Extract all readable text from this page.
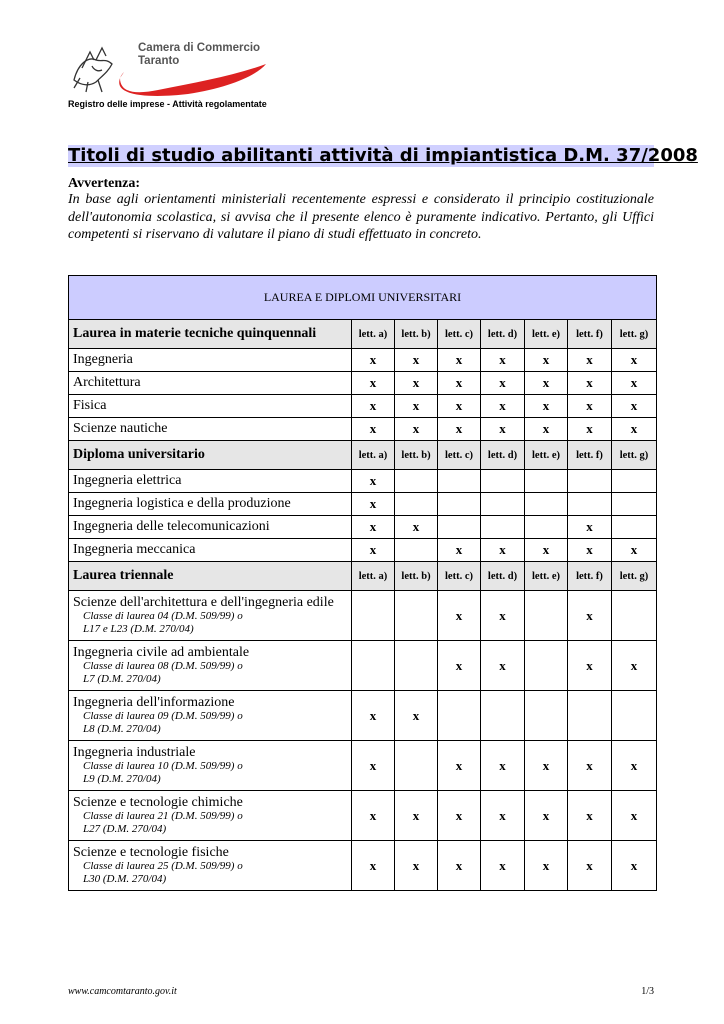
Camera di Commercio
Taranto
Registro delle imprese - Attività regolamentate
Titoli di studio abilitanti attività di impiantistica D.M. 37/2008
Avvertenza:
In base agli orientamenti ministeriali recentemente espressi e considerato il principio costituzionale dell'autonomia scolastica, si avvisa che il presente elenco è puramente indicativo. Pertanto, gli Uffici competenti si riservano di valutare il piano di studi effettuato in concreto.
LAUREA E DIPLOMI UNIVERSITARI							
Laurea in materie tecniche quinquennali	lett. a)	lett. b)	lett. c)	lett. d)	lett. e)	lett. f)	lett. g)
Ingegneria	x	x	x	x	x	x	x
Architettura	x	x	x	x	x	x	x
Fisica	x	x	x	x	x	x	x
Scienze nautiche	x	x	x	x	x	x	x
Diploma universitario	lett. a)	lett. b)	lett. c)	lett. d)	lett. e)	lett. f)	lett. g)
Ingegneria elettrica	x						
Ingegneria logistica e della produzione	x						
Ingegneria delle telecomunicazioni	x	x				x	
Ingegneria meccanica	x		x	x	x	x	x
Laurea triennale	lett. a)	lett. b)	lett. c)	lett. d)	lett. e)	lett. f)	lett. g)
Scienze dell'architettura e dell'ingegneria edile
Classe di laurea 04 (D.M. 509/99) o
L17 e L23 (D.M. 270/04)			x	x		x	
Ingegneria civile ad ambientale
Classe di laurea 08 (D.M. 509/99) o
L7 (D.M. 270/04)			x	x		x	x
Ingegneria dell'informazione
Classe di laurea 09 (D.M. 509/99) o
L8 (D.M. 270/04)	x	x					
Ingegneria industriale
Classe di laurea 10 (D.M. 509/99) o
L9 (D.M. 270/04)	x		x	x	x	x	x
Scienze e tecnologie chimiche
Classe di laurea 21 (D.M. 509/99) o
L27 (D.M. 270/04)	x	x	x	x	x	x	x
Scienze e tecnologie fisiche
Classe di laurea 25 (D.M. 509/99) o
L30 (D.M. 270/04)	x	x	x	x	x	x	x
www.camcomtaranto.gov.it	1/3
